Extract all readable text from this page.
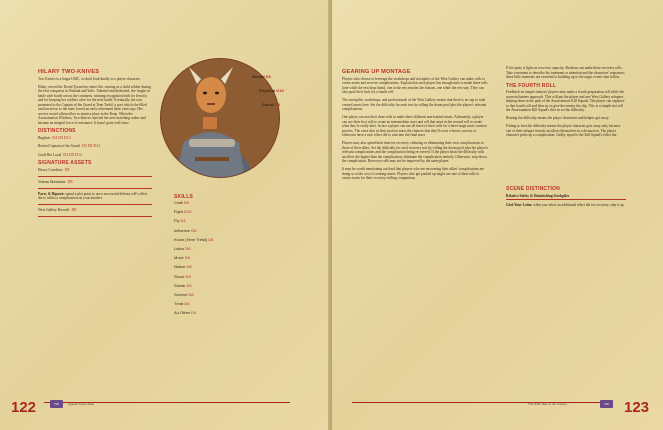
HILARY TWO-KNIVES

Two Knives is a bugra GMC, so don't look kindly to a player character.

Hilary served the Dread Tyrant her entire life, starting as a child soldier during the first conquests in Outland and Yalts. Talented and dedicated, she fought in battle after battle across the continent, winning recognition both for ferocity and for keeping her soldiers alive for the next battle. Eventually she was promoted to the Captain of the Guard at Tene Trekil, a post which she filled until an arrow to the knee forced an early retirement three years ago. Her service record allowed her to retain a place in the Keep. When the Assassination Witchers, Two-Knives rejected her new marching orders and became an integral force of resistance. It hasn't gone well since.

DISTINCTIONS
Bugbear D4 D8 D12
Retired Captain of the Guard D4 D8 D12
Gruff But Loyal D4 D8 D12
SIGNATURE ASSETS
Heavy Crossbow D8
Veteran Skirmisher D8

Parry & Riposte: spend a plot point to use a successful defense roll's effect die to inflict a complication on your attacker.

West Gallery Records D8
Mental D6
Physical D10
Social D8
SKILLS
Craft D6
Fight D10
Fly D4
Influence D6
Know (Tene Trekil) D8
Labor D6
Move D6
Notice D8
Shoot D8
Sneak D6
Survive D8
Treat D6
Au Other D4
122	TW	Against Tene's Rise
GEARING UP MONTAGE

Players who choose to leverage the workshops and stockpiles of the West Gallery can make rolls to create assets and recover complications. Explain that each player has enough time to make these rolls (one while the rest drop hints), one at the rest reaches the bottom, one while the rest stay. They can also push their luck for a fourth roll.

The stockpiles, workshops, and professionals of the West Gallery ensure that there is no cap to total created assets here. Set the difficulty for each test by rolling the doom pool plus the player's relevant complications.

One player can use their three rolls to make three different non-trained assets. Alternately, a player can use their first roll to create an intermediate asset and roll that asset in the second roll to create what they're really after. In fact a player can use all three of their rolls for a three-stage asset creation process. The extra dice in their pool increase the chances that they'll score a heroic success or otherwise have a nice effect die to turn into the final asset.

Players may also spend their time for recovery, reducing or eliminating their own complications or those of their allies. Set the difficulty for each recovery test by rolling the doom pool plus the player's relevant complications and the complication being recovered. If the player beats the difficulty with an effect die higher than the complication, eliminate the complication entirely. Otherwise, step down the complication. Recovery rolls may not be improved by the same player.

It may be worth mentioning out loud that players who are recovering their allies' complications are doing so at the cost of creating assets. Players who get pushed up might use one of their rolls to create assets for their recovery-rolling companions.

If the party is light on recovery capacity, Absalom can make these recovery rolls. Take a moment to describe his treatment or attention and the characters' responses; these little moments are essential to building up to the tragic events that follow.

THE FOURTH ROLL

Feedback on simple trainees' players may make a fourth preparation roll while the assassin hunters approach. This will put the player and any West Gallery refugees helping them in the path of the Assassinators Kill Squads. The player can organize to that fourth roll and then try to give the enemy the slip. This is a simple test roll the Assassination Kill Squad's dice in set the difficulty.

Beating the difficulty means the player characters and helpers get away.

Failing to beat the difficulty means the player character gets away only because one of their refugee friends sacrifices themselves in a distraction. The player character picks up a complication, Guilty, equal to the Kill Squad's effect die.

SCENE DISTINCTION
Relative Safety & Diminishing Stockpiles

Gird Your Loins: when you select an additional effect die for recovery, step it up.

The Ninth Rise of the Ancient	TW 123
